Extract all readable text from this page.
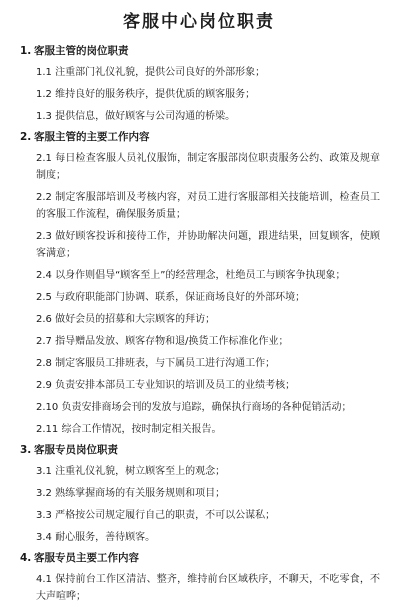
客服中心岗位职责
1. 客服主管的岗位职责
1.1 注重部门礼仪礼貌，提供公司良好的外部形象；
1.2 维持良好的服务秩序，提供优质的顾客服务；
1.3 提供信息，做好顾客与公司沟通的桥梁。
2. 客服主管的主要工作内容
2.1 每日检查客服人员礼仪服饰，制定客服部岗位职责服务公约、政策及规章制度；
2.2 制定客服部培训及考核内容，对员工进行客服部相关技能培训，检查员工的客服工作流程，确保服务质量；
2.3 做好顾客投诉和接待工作，并协助解决问题，跟进结果，回复顾客，使顾客满意；
2.4 以身作则倡导“顾客至上”的经营理念，杜绝员工与顾客争执现象；
2.5 与政府职能部门协调、联系，保证商场良好的外部环境；
2.6 做好会员的招募和大宗顾客的拜访；
2.7 指导赠品发放、顾客存物和退/换货工作标准化作业；
2.8 制定客服员工排班表，与下属员工进行沟通工作；
2.9 负责安排本部员工专业知识的培训及员工的业绩考核；
2.10 负责安排商场会刊的发放与追踪，确保执行商场的各种促销活动；
2.11 综合工作情况，按时制定相关报告。
3. 客服专员岗位职责
3.1 注重礼仪礼貌，树立顾客至上的观念；
3.2 熟练掌握商场的有关服务规则和项目；
3.3 严格按公司规定履行自己的职责，不可以公谋私；
3.4 耐心服务，善待顾客。
4. 客服专员主要工作内容
4.1 保持前台工作区清洁、整齐，维持前台区域秩序，不聊天，不吃零食，不大声喧哗；
